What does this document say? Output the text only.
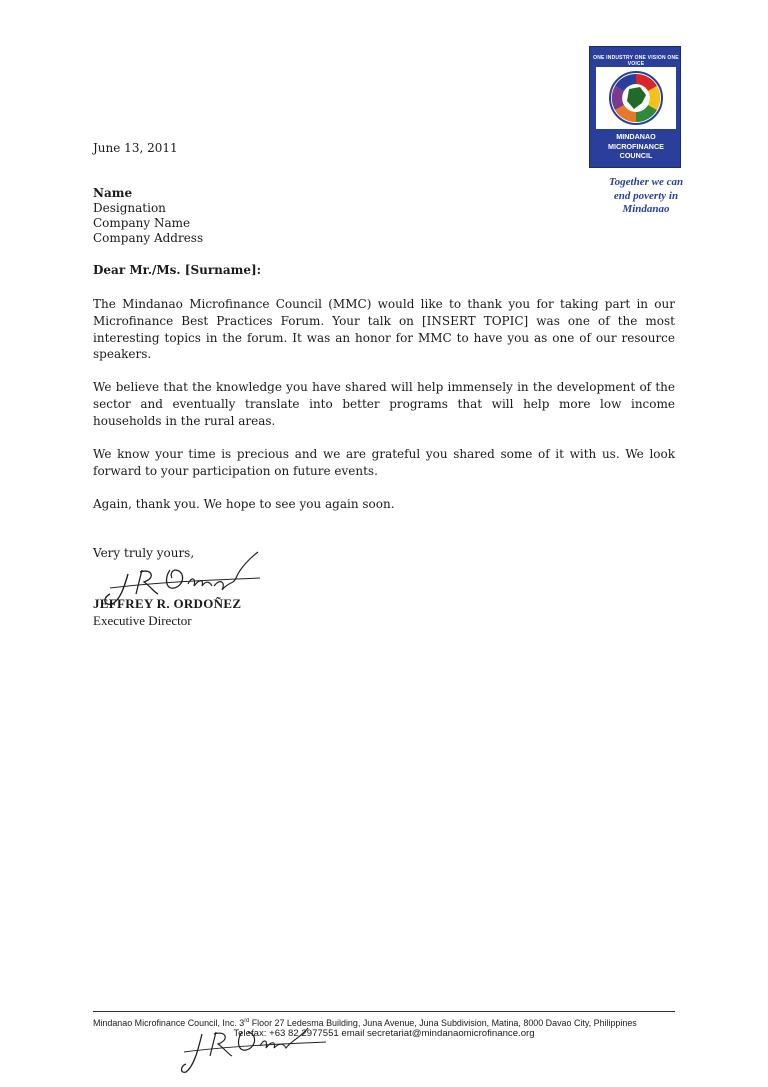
ONE INDUSTRY ONE VISION ONE VOICE
MINDANAO
MICROFINANCE
COUNCIL
Together we can end poverty in Mindanao
June 13, 2011
Name
Designation
Company Name
Company Address
Dear Mr./Ms. [Surname]:
The Mindanao Microfinance Council (MMC) would like to thank you for taking part in our Microfinance Best Practices Forum. Your talk on [INSERT TOPIC] was one of the most interesting topics in the forum. It was an honor for MMC to have you as one of our resource speakers.
We believe that the knowledge you have shared will help immensely in the development of the sector and eventually translate into better programs that will help more low income households in the rural areas.
We know your time is precious and we are grateful you shared some of it with us. We look forward to your participation on future events.
Again, thank you. We hope to see you again soon.
Very truly yours,
JEFFREY R. ORDOÑEZ
Executive Director
Mindanao Microfinance Council, Inc. 3rd Floor 27 Ledesma Building, Juna Avenue, Juna Subdivision, Matina, 8000 Davao City, Philippines
Telefax: +63 82 2977551 email secretariat@mindanaomicrofinance.org
